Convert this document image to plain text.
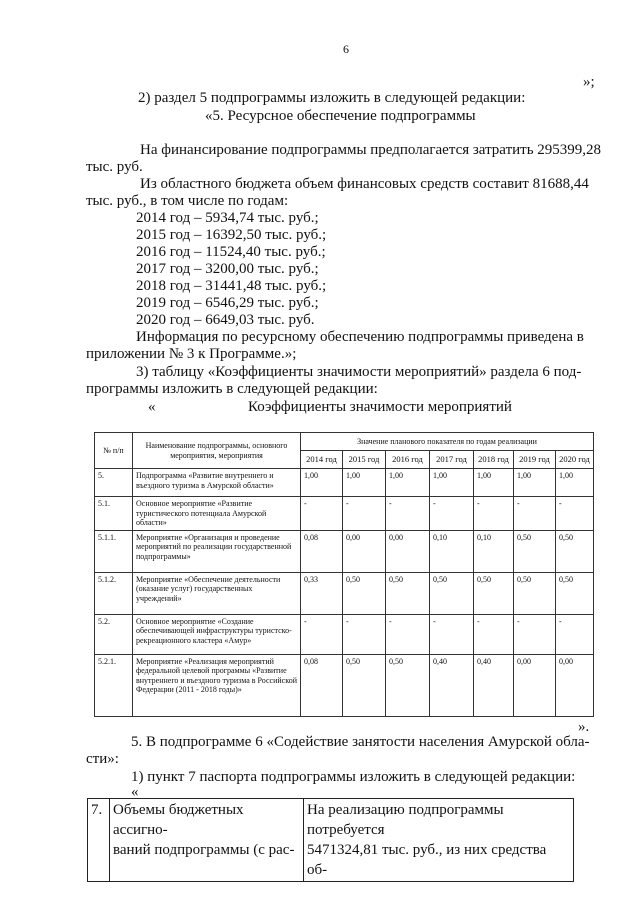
6
»;
2) раздел 5 подпрограммы изложить в следующей редакции:
«5. Ресурсное обеспечение подпрограммы
На финансирование подпрограммы предполагается затратить 295399,28
тыс. руб.
Из областного бюджета объем финансовых средств составит 81688,44
тыс. руб., в том числе по годам:
2014 год – 5934,74 тыс. руб.;
2015 год – 16392,50 тыс. руб.;
2016 год – 11524,40 тыс. руб.;
2017 год – 3200,00 тыс. руб.;
2018 год – 31441,48 тыс. руб.;
2019 год – 6546,29 тыс. руб.;
2020 год – 6649,03 тыс. руб.
Информация по ресурсному обеспечению подпрограммы приведена в
приложении № 3 к Программе.»;
3) таблицу «Коэффициенты значимости мероприятий» раздела 6 под-
программы изложить в следующей редакции:
«	Коэффициенты значимости мероприятий
№ п/п	Наименование подпрограммы, основного мероприятия, мероприятия	Значение планового показателя по годам реализации						
		2014 год	2015 год	2016 год	2017 год	2018 год	2019 год	2020 год
5.	Подпрограмма «Развитие внутреннего и въездного туризма в Амурской области»	1,00	1,00	1,00	1,00	1,00	1,00	1,00
5.1.	Основное мероприятие «Развитие туристического потенциала Амурской области»	-	-	-	-	-	-	-
5.1.1.	Мероприятие «Организация и проведение мероприятий по реализации государственной подпрограммы»	0,08	0,00	0,00	0,10	0,10	0,50	0,50
5.1.2.	Мероприятие «Обеспечение деятельности (оказание услуг) государственных учреждений»	0,33	0,50	0,50	0,50	0,50	0,50	0,50
5.2.	Основное мероприятие «Создание обеспечивающей инфраструктуры туристско-рекреационного кластера «Амур»	-	-	-	-	-	-	-
5.2.1.	Мероприятие «Реализация мероприятий федеральной целевой программы «Развитие внутреннего и въездного туризма в Российской Федерации (2011 - 2018 годы)»	0,08	0,50	0,50	0,40	0,40	0,00	0,00
».
5. В подпрограмме 6 «Содействие занятости населения Амурской обла-
сти»:
1) пункт 7 паспорта подпрограммы изложить в следующей редакции:
«
7.	Объемы бюджетных ассигно-
ваний подпрограммы (с рас-

На реализацию подпрограммы потребуется
5471324,81 тыс. руб., из них средства об-
